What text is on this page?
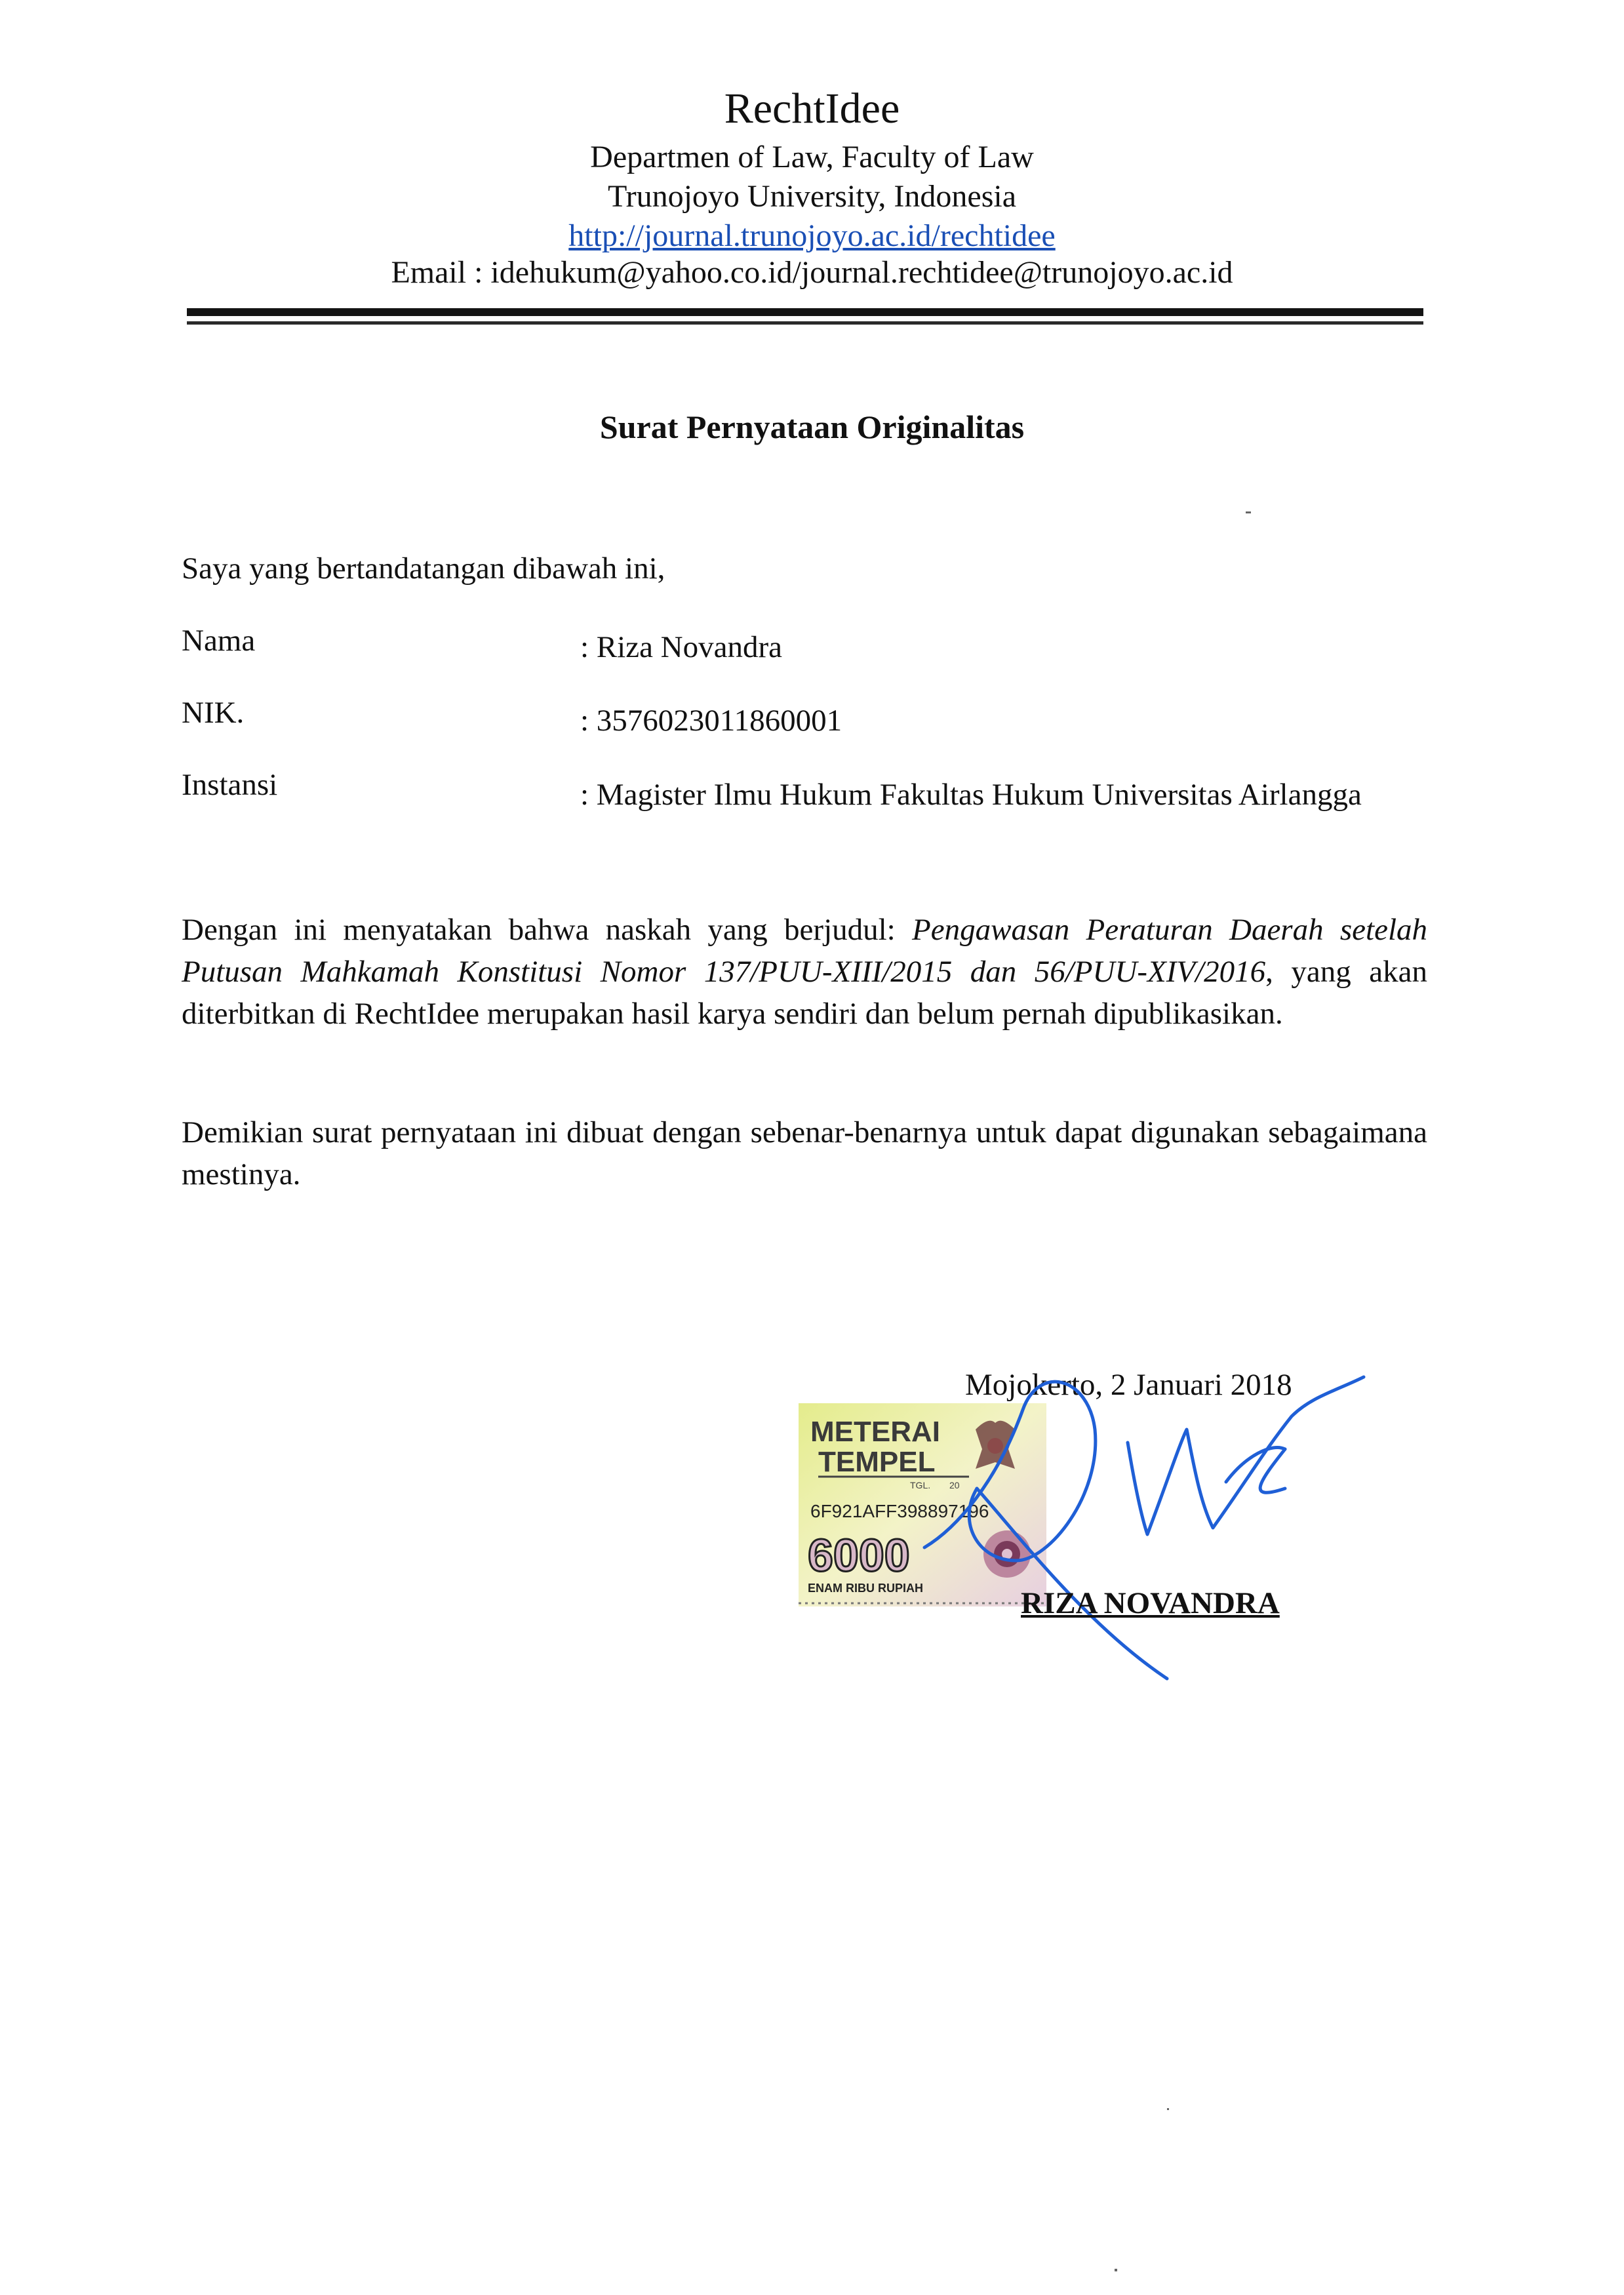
RechtIdee
Departmen of Law, Faculty of Law
Trunojoyo University, Indonesia
http://journal.trunojoyo.ac.id/rechtidee
Email : idehukum@yahoo.co.id/journal.rechtidee@trunojoyo.ac.id
Surat Pernyataan Originalitas
Saya yang bertandatangan dibawah ini,
Nama	: Riza Novandra
NIK.	: 3576023011860001
Instansi	: Magister Ilmu Hukum Fakultas Hukum Universitas Airlangga
Dengan ini menyatakan bahwa naskah yang berjudul: Pengawasan Peraturan Daerah setelah Putusan Mahkamah Konstitusi Nomor 137/PUU-XIII/2015 dan 56/PUU-XIV/2016, yang akan diterbitkan di RechtIdee merupakan hasil karya sendiri dan belum pernah dipublikasikan.
Demikian surat pernyataan ini dibuat dengan sebenar-benarnya untuk dapat digunakan sebagaimana mestinya.
Mojokerto, 2 Januari 2018
METERAI
TEMPEL
TGL. 20
6F921AFF398897196
6000
ENAM RIBU RUPIAH	RIZA NOVANDRA
